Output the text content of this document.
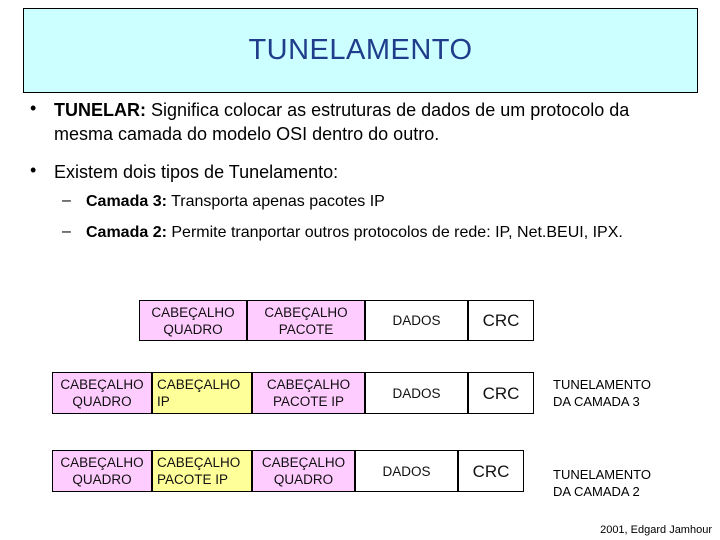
TUNELAMENTO
• TUNELAR: Significa colocar as estruturas de dados de um protocolo da
mesma camada do modelo OSI dentro do outro.
• Existem dois tipos de Tunelamento:
– Camada 3: Transporta apenas pacotes IP
– Camada 2: Permite tranportar outros protocolos de rede: IP, Net.BEUI, IPX.
CABEÇALHO
QUADRO
CABEÇALHO
PACOTE
DADOS CRC
CABEÇALHO
QUADRO
CABEÇALHO
IP
CABEÇALHO
PACOTE IP
DADOS CRC	TUNELAMENTO
DA CAMADA 3
CABEÇALHO
QUADRO
CABEÇALHO
PACOTE IP
CABEÇALHO
QUADRO
DADOS CRC	TUNELAMENTO
DA CAMADA 2
2001, Edgard Jamhour
